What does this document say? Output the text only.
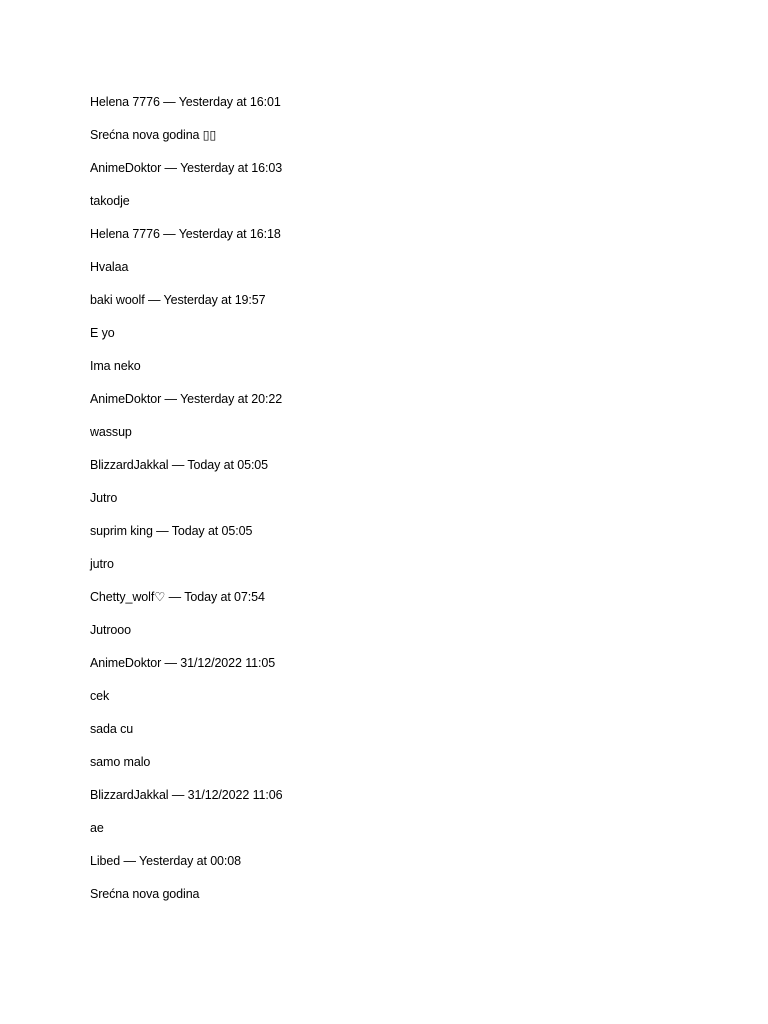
Helena 7776 — Yesterday at 16:01
Srećna nova godina ▯▯
AnimeDoktor — Yesterday at 16:03
takodje
Helena 7776 — Yesterday at 16:18
Hvalaa
baki woolf — Yesterday at 19:57
E yo
Ima neko
AnimeDoktor — Yesterday at 20:22
wassup
BlizzardJakkal — Today at 05:05
Jutro
suprim king — Today at 05:05
jutro
Chetty_wolf♡ — Today at 07:54
Jutrooo
AnimeDoktor — 31/12/2022 11:05
cek
sada cu
samo malo
BlizzardJakkal — 31/12/2022 11:06
ae
Libed — Yesterday at 00:08
Srećna nova godina
